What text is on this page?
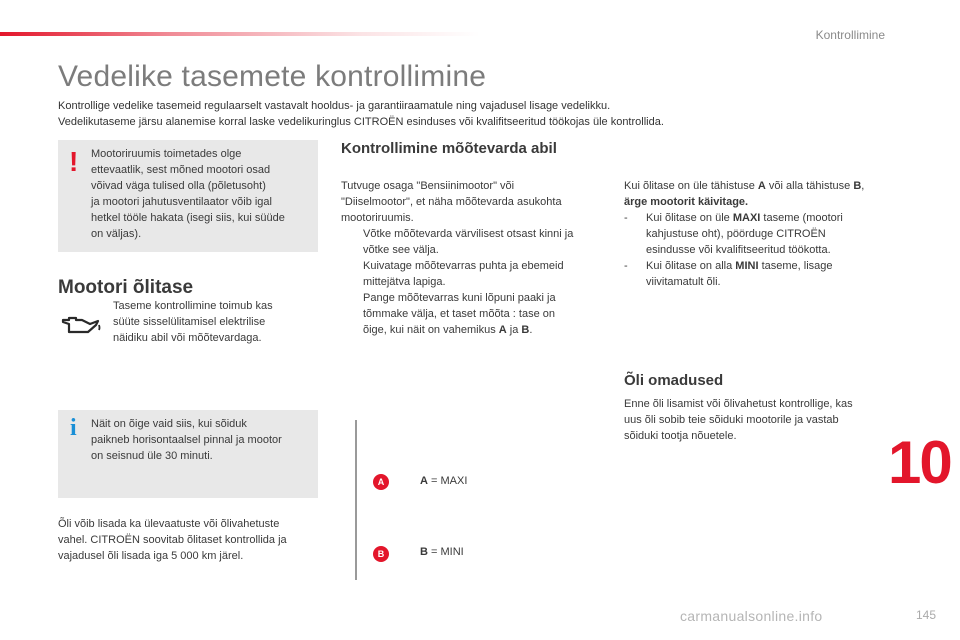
Kontrollimine
Vedelike tasemete kontrollimine
Kontrollige vedelike tasemeid regulaarselt vastavalt hooldus- ja garantiiraamatule ning vajadusel lisage vedelikku.
Vedelikutaseme järsu alanemise korral laske vedelikuringlus CITROËN esinduses või kvalifitseeritud töökojas üle kontrollida.
! Mootoriruumis toimetades olge
ettevaatlik, sest mõned mootori osad
võivad väga tulised olla (põletusoht)
ja mootori jahutusventilaator võib igal
hetkel tööle hakata (isegi siis, kui süüde
on väljas).
Mootori õlitase
Taseme kontrollimine toimub kas
süüte sisselülitamisel elektrilise
näidiku abil või mõõtevardaga.
i Näit on õige vaid siis, kui sõiduk
paikneb horisontaalsel pinnal ja mootor
on seisnud üle 30 minuti.
Õli võib lisada ka ülevaatuste või õlivahetuste
vahel. CITROËN soovitab õlitaset kontrollida ja
vajadusel õli lisada iga 5 000 km järel.
Kontrollimine mõõtevarda abil
Tutvuge osaga "Bensiinimootor" või
"Diiselmootor", et näha mõõtevarda asukohta
mootoriruumis.
Võtke mõõtevarda värvilisest otsast kinni ja
võtke see välja.
Kuivatage mõõtevarras puhta ja ebemeid
mittejätva lapiga.
Pange mõõtevarras kuni lõpuni paaki ja
tõmmake välja, et taset mõõta : tase on
õige, kui näit on vahemikus A ja B.
A
B
A = MAXI
B = MINI
Kui õlitase on üle tähistuse A või alla tähistuse B,
ärge mootorit käivitage.
- Kui õlitase on üle MAXI taseme (mootori
kahjustuse oht), pöörduge CITROËN
esindusse või kvalifitseeritud töökotta.
- Kui õlitase on alla MINI taseme, lisage
viivitamatult õli.
Õli omadused
Enne õli lisamist või õlivahetust kontrollige, kas
uus õli sobib teie sõiduki mootorile ja vastab
sõiduki tootja nõuetele.	10
carmanualsonline.info	145
